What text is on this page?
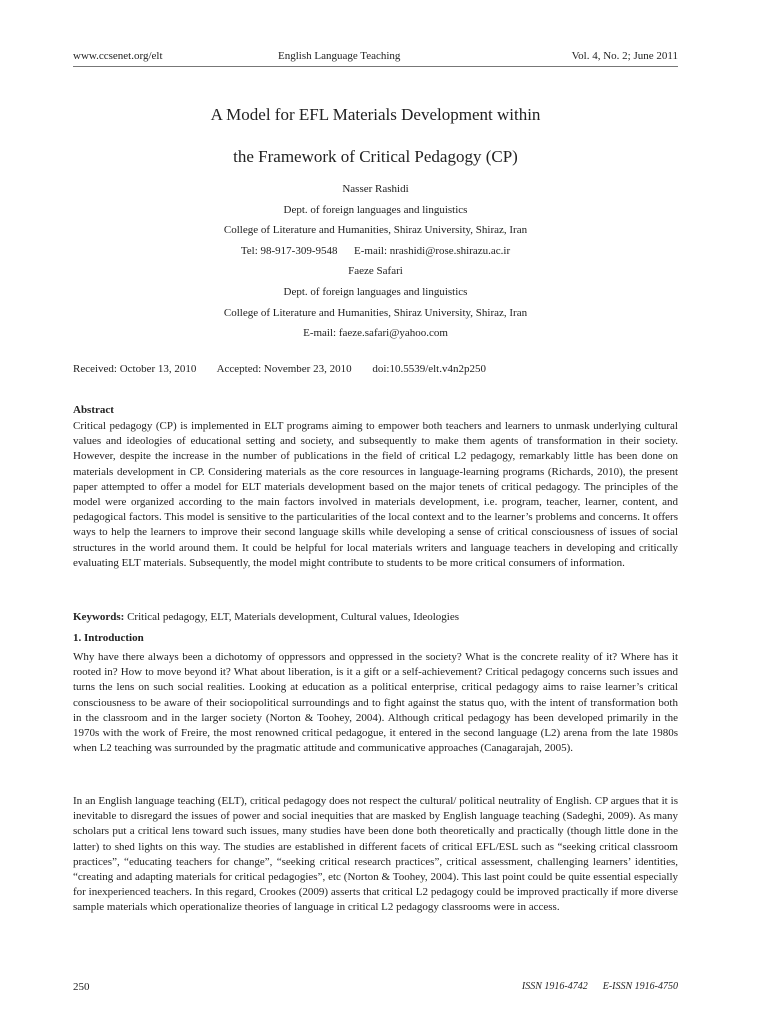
www.ccsenet.org/elt	English Language Teaching	Vol. 4, No. 2; June 2011
A Model for EFL Materials Development within
the Framework of Critical Pedagogy (CP)
Nasser Rashidi
Dept. of foreign languages and linguistics
College of Literature and Humanities, Shiraz University, Shiraz, Iran
Tel: 98-917-309-9548      E-mail: nrashidi@rose.shirazu.ac.ir
Faeze Safari
Dept. of foreign languages and linguistics
College of Literature and Humanities, Shiraz University, Shiraz, Iran
E-mail: faeze.safari@yahoo.com
Received: October 13, 2010 Accepted: November 23, 2010 doi:10.5539/elt.v4n2p250
Abstract

Critical pedagogy (CP) is implemented in ELT programs aiming to empower both teachers and learners to unmask underlying cultural values and ideologies of educational setting and society, and subsequently to make them agents of transformation in their society. However, despite the increase in the number of publications in the field of critical L2 pedagogy, remarkably little has been done on materials development in CP. Considering materials as the core resources in language-learning programs (Richards, 2010), the present paper attempted to offer a model for ELT materials development based on the major tenets of critical pedagogy. The principles of the model were organized according to the main factors involved in materials development, i.e. program, teacher, learner, content, and pedagogical factors. This model is sensitive to the particularities of the local context and to the learner’s problems and concerns. It offers ways to help the learners to improve their second language skills while developing a sense of critical consciousness of issues of social structures in the world around them. It could be helpful for local materials writers and language teachers in developing and critically evaluating ELT materials. Subsequently, the model might contribute to students to be more critical consumers of information.

Keywords: Critical pedagogy, ELT, Materials development, Cultural values, Ideologies
1. Introduction

Why have there always been a dichotomy of oppressors and oppressed in the society? What is the concrete reality of it? Where has it rooted in? How to move beyond it? What about liberation, is it a gift or a self-achievement? Critical pedagogy concerns such issues and turns the lens on such social realities. Looking at education as a political enterprise, critical pedagogy aims to raise learner’s critical consciousness to be aware of their sociopolitical surroundings and to fight against the status quo, with the intent of transformation both in the classroom and in the larger society (Norton & Toohey, 2004). Although critical pedagogy has been developed primarily in the 1970s with the work of Freire, the most renowned critical pedagogue, it entered in the second language (L2) arena from the late 1980s when L2 teaching was surrounded by the pragmatic attitude and communicative approaches (Canagarajah, 2005).

In an English language teaching (ELT), critical pedagogy does not respect the cultural/ political neutrality of English. CP argues that it is inevitable to disregard the issues of power and social inequities that are masked by English language teaching (Sadeghi, 2009). As many scholars put a critical lens toward such issues, many studies have been done both theoretically and practically (though little done in the latter) to shed lights on this way. The studies are established in different facets of critical EFL/ESL such as “seeking critical classroom practices”, “educating teachers for change”, “seeking critical research practices”, critical assessment, challenging learners’ identities, “creating and adapting materials for critical pedagogies”, etc (Norton & Toohey, 2004). This last point could be quite essential especially for inexperienced teachers. In this regard, Crookes (2009) asserts that critical L2 pedagogy could be improved practically if more diverse sample materials which operationalize theories of language in critical L2 pedagogy classrooms were in access.

250	ISSN 1916-4742      E-ISSN 1916-4750
